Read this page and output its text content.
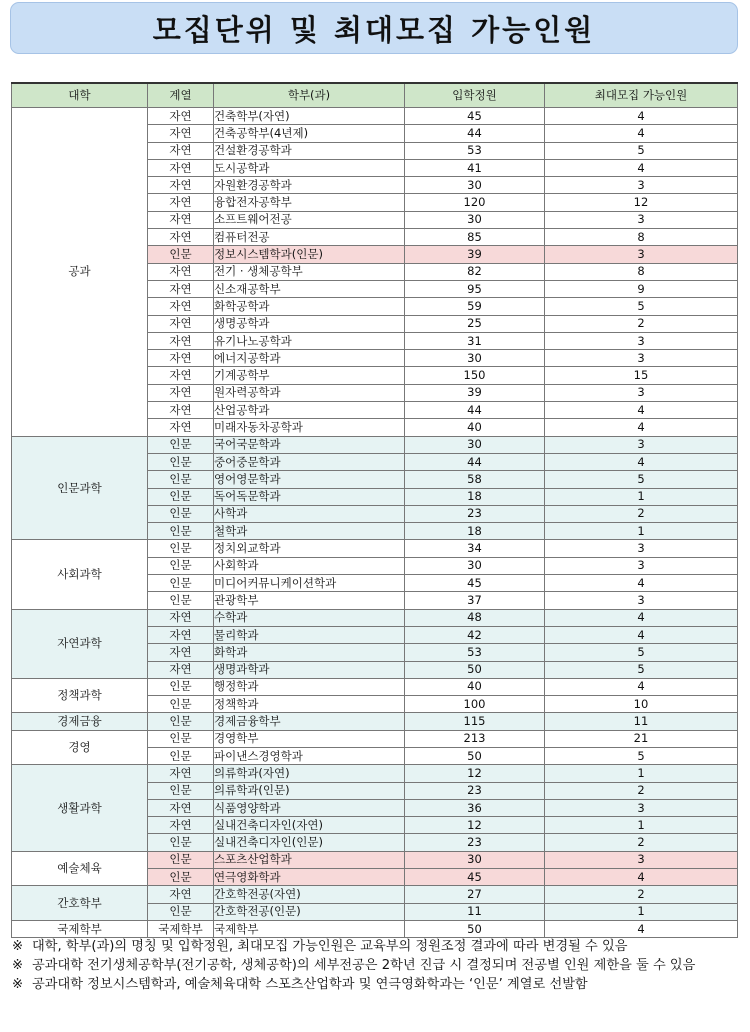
모집단위 및 최대모집 가능인원
대학	계열	학부(과)	입학정원	최대모집 가능인원
공과	자연	건축학부(자연)	45	4
	자연	건축공학부(4년제)	44	4
	자연	건설환경공학과	53	5
	자연	도시공학과	41	4
	자연	자원환경공학과	30	3
	자연	융합전자공학부	120	12
	자연	소프트웨어전공	30	3
	자연	컴퓨터전공	85	8
	인문	정보시스템학과(인문)	39	3
	자연	전기 · 생체공학부	82	8
	자연	신소재공학부	95	9
	자연	화학공학과	59	5
	자연	생명공학과	25	2
	자연	유기나노공학과	31	3
	자연	에너지공학과	30	3
	자연	기계공학부	150	15
	자연	원자력공학과	39	3
	자연	산업공학과	44	4
	자연	미래자동차공학과	40	4
인문과학	인문	국어국문학과	30	3
	인문	중어중문학과	44	4
	인문	영어영문학과	58	5
	인문	독어독문학과	18	1
	인문	사학과	23	2
	인문	철학과	18	1
사회과학	인문	정치외교학과	34	3
	인문	사회학과	30	3
	인문	미디어커뮤니케이션학과	45	4
	인문	관광학부	37	3
자연과학	자연	수학과	48	4
	자연	물리학과	42	4
	자연	화학과	53	5
	자연	생명과학과	50	5
정책과학	인문	행정학과	40	4
	인문	정책학과	100	10
경제금융	인문	경제금융학부	115	11
경영	인문	경영학부	213	21
	인문	파이낸스경영학과	50	5
생활과학	자연	의류학과(자연)	12	1
	인문	의류학과(인문)	23	2
	자연	식품영양학과	36	3
	자연	실내건축디자인(자연)	12	1
	인문	실내건축디자인(인문)	23	2
예술체육	인문	스포츠산업학과	30	3
	인문	연극영화학과	45	4
간호학부	자연	간호학전공(자연)	27	2
	인문	간호학전공(인문)	11	1
국제학부	국제학부	국제학부	50	4
※ 대학, 학부(과)의 명칭 및 입학정원, 최대모집 가능인원은 교육부의 정원조정 결과에 따라 변경될 수 있음
※ 공과대학 전기생체공학부(전기공학, 생체공학)의 세부전공은 2학년 진급 시 결정되며 전공별 인원 제한을 둘 수 있음
※ 공과대학 정보시스템학과, 예술체육대학 스포츠산업학과 및 연극영화학과는 ‘인문’ 계열로 선발함
